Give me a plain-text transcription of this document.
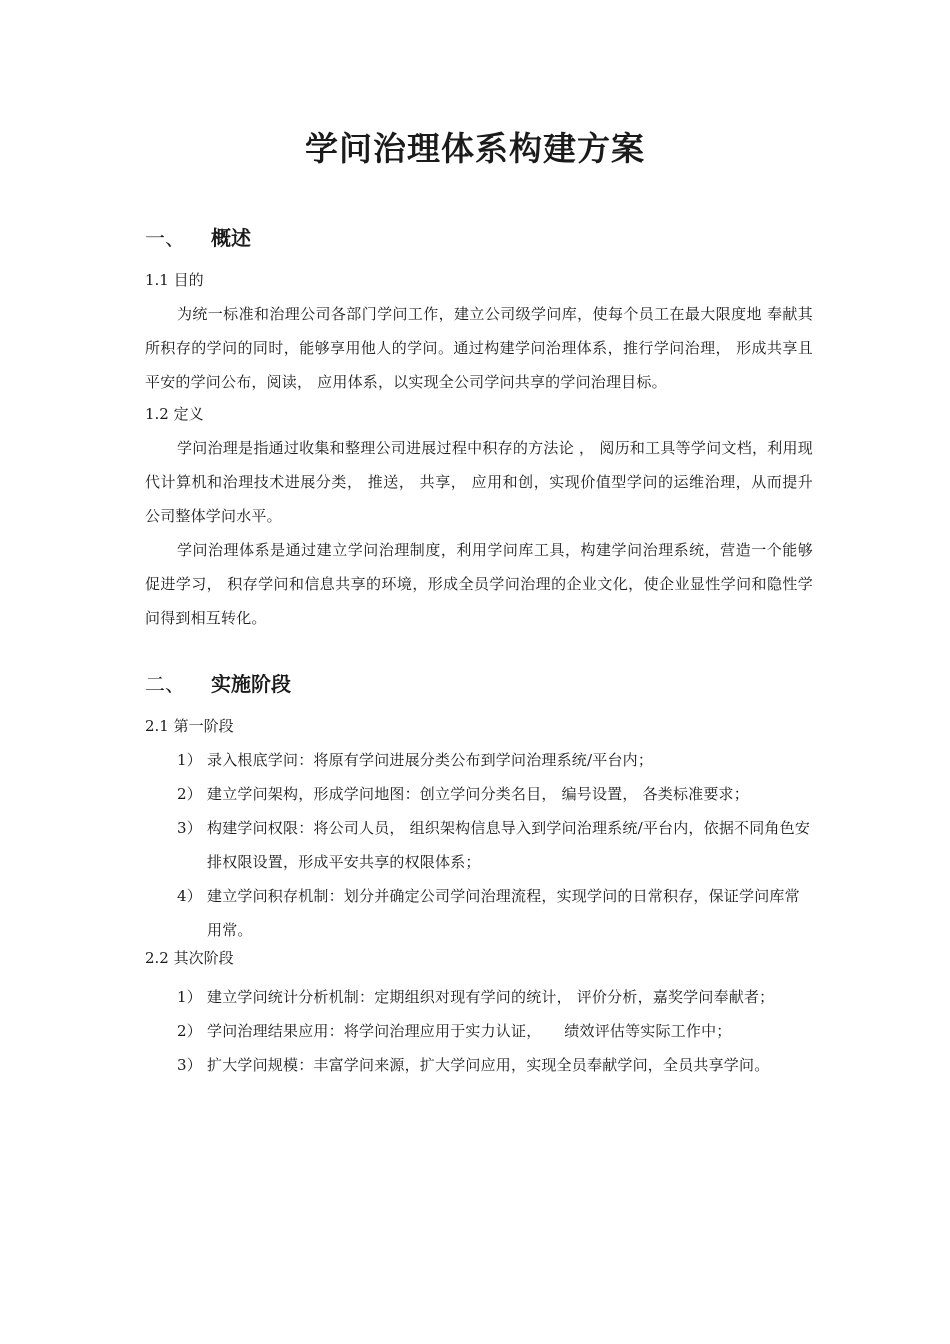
学问治理体系构建方案
一、 概述
1.1 目的
为统一标准和治理公司各部门学问工作，建立公司级学问库，使每个员工在最大限度地 奉献其所积存的学问的同时，能够享用他人的学问。通过构建学问治理体系，推行学问治理， 形成共享且平安的学问公布，阅读， 应用体系，以实现全公司学问共享的学问治理目标。
1.2 定义
学问治理是指通过收集和整理公司进展过程中积存的方法论 ， 阅历和工具等学问文档，利用现代计算机和治理技术进展分类， 推送， 共享， 应用和创，实现价值型学问的运维治理，从而提升公司整体学问水平。
学问治理体系是通过建立学问治理制度，利用学问库工具，构建学问治理系统，营造一个能够促进学习， 积存学问和信息共享的环境，形成全员学问治理的企业文化，使企业显性学问和隐性学问得到相互转化。
二、 实施阶段
2.1 第一阶段
1） 录入根底学问：将原有学问进展分类公布到学问治理系统/平台内；
2） 建立学问架构，形成学问地图：创立学问分类名目， 编号设置， 各类标准要求；
3） 构建学问权限：将公司人员， 组织架构信息导入到学问治理系统/平台内，依据不同角色安排权限设置，形成平安共享的权限体系；
4） 建立学问积存机制：划分并确定公司学问治理流程，实现学问的日常积存，保证学问库常用常。
2.2 其次阶段
1） 建立学问统计分析机制：定期组织对现有学问的统计， 评价分析，嘉奖学问奉献者；
2） 学问治理结果应用：将学问治理应用于实力认证，　　绩效评估等实际工作中；
3） 扩大学问规模：丰富学问来源，扩大学问应用，实现全员奉献学问，全员共享学问。
